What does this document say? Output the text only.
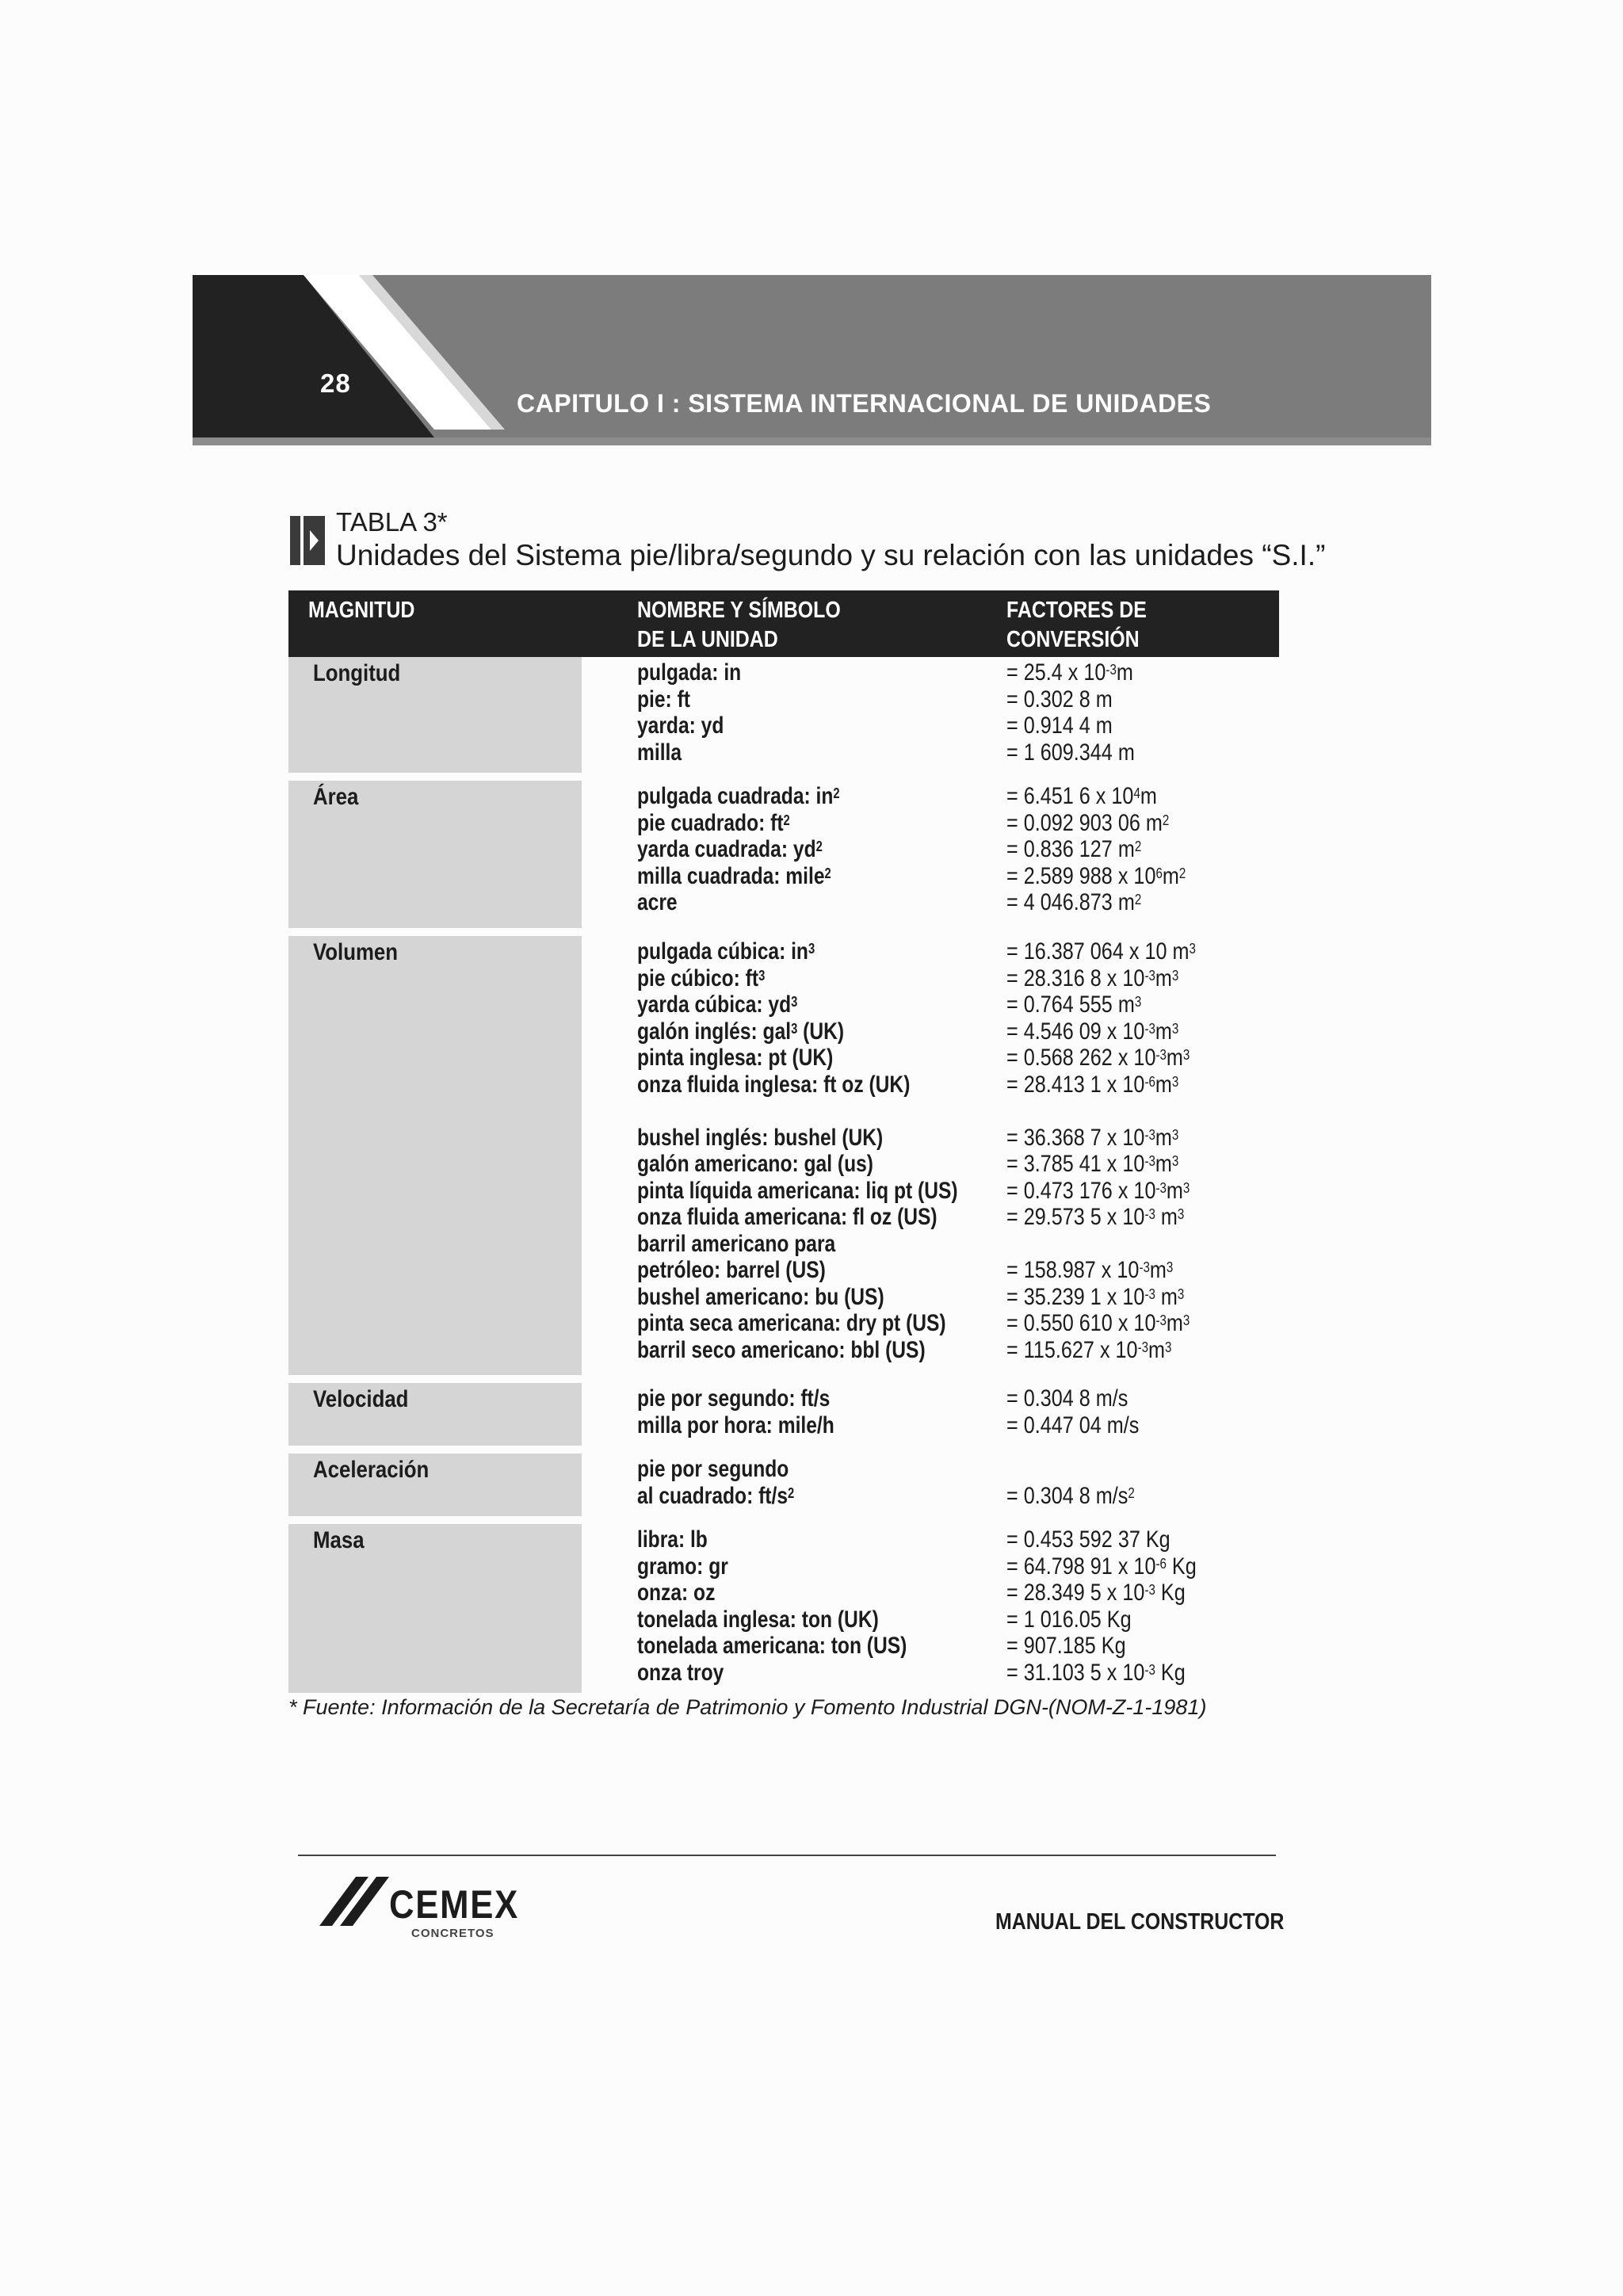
28
CAPITULO I : SISTEMA INTERNACIONAL DE UNIDADES
TABLA 3*
Unidades del Sistema pie/libra/segundo y su relación con las unidades “S.I.”
MAGNITUD	NOMBRE Y SÍMBOLO
DE LA UNIDAD
FACTORES DE
CONVERSIÓN
Longitud	pulgada: in	= 25.4 x $10^{-3}m$
pie: ft	= 0.302 8 m
yarda: yd	= 0.914 4 m
milla	= 1 609.344 m
Área	pulgada cuadrada: $in^2$	= 6.451 6 x $10^4m$
pie cuadrado: $ft^2$	= 0.092 903 06 $m^2$
yarda cuadrada: $yd^2$	= 0.836 127 $m^2$
milla cuadrada: mile$^2$	= 2.589 988 x $10^6m^2$
acre	= 4 046.873 $m^2$
Volumen	pulgada cúbica: $in^3$	= 16.387 064 x 10 $m^3$
pie cúbico: $ft^3$	= 28.316 8 x $10^{-3}m^3$
yarda cúbica: $yd^3$	= 0.764 555 $m^3$
galón inglés: gal$^3$ (UK)	= 4.546 09 x $10^{-3}m^3$
pinta inglesa: pt (UK)	= 0.568 262 x $10^{-3}m^3$
onza fluida inglesa: ft oz (UK)	= 28.413 1 x $10^{-6}m^3$
bushel inglés: bushel (UK)	= 36.368 7 x $10^{-3}m^3$
galón americano: gal (us)	= 3.785 41 x $10^{-3}m^3$
pinta líquida americana: liq pt (US) = 0.473 176 x $10^{-3}m^3$
onza fluida americana: fl oz (US)	= 29.573 5 x $10^{-3}$ $m^3$
barril americano para
petróleo: barrel (US)	= 158.987 x $10^{-3}m^3$
bushel americano: bu (US)	= 35.239 1 x $10^{-3}$ $m^3$
pinta seca americana: dry pt (US)	= 0.550 610 x $10^{-3}m^3$
barril seco americano: bbl (US)	= 115.627 x $10^{-3}m^3$
Velocidad	pie por segundo: ft/s	= 0.304 8 m/s
milla por hora: mile/h	= 0.447 04 m/s
Aceleración	pie por segundo
al cuadrado: $ft/s^2$	= 0.304 8 $m/s^2$
Masa	libra: lb	= 0.453 592 37 Kg
gramo: gr	= 64.798 91 x $10^{-6}$ Kg
onza: oz	= 28.349 5 x $10^{-3}$ Kg
tonelada inglesa: ton (UK)	= 1 016.05 Kg
tonelada americana: ton (US)	= 907.185 Kg
onza troy	= 31.103 5 x $10^{-3}$ Kg
* Fuente: Información de la Secretaría de Patrimonio y Fomento Industrial DGN-(NOM-Z-1-1981)
CEMEX
CONCRETOS	MANUAL DEL CONSTRUCTOR
